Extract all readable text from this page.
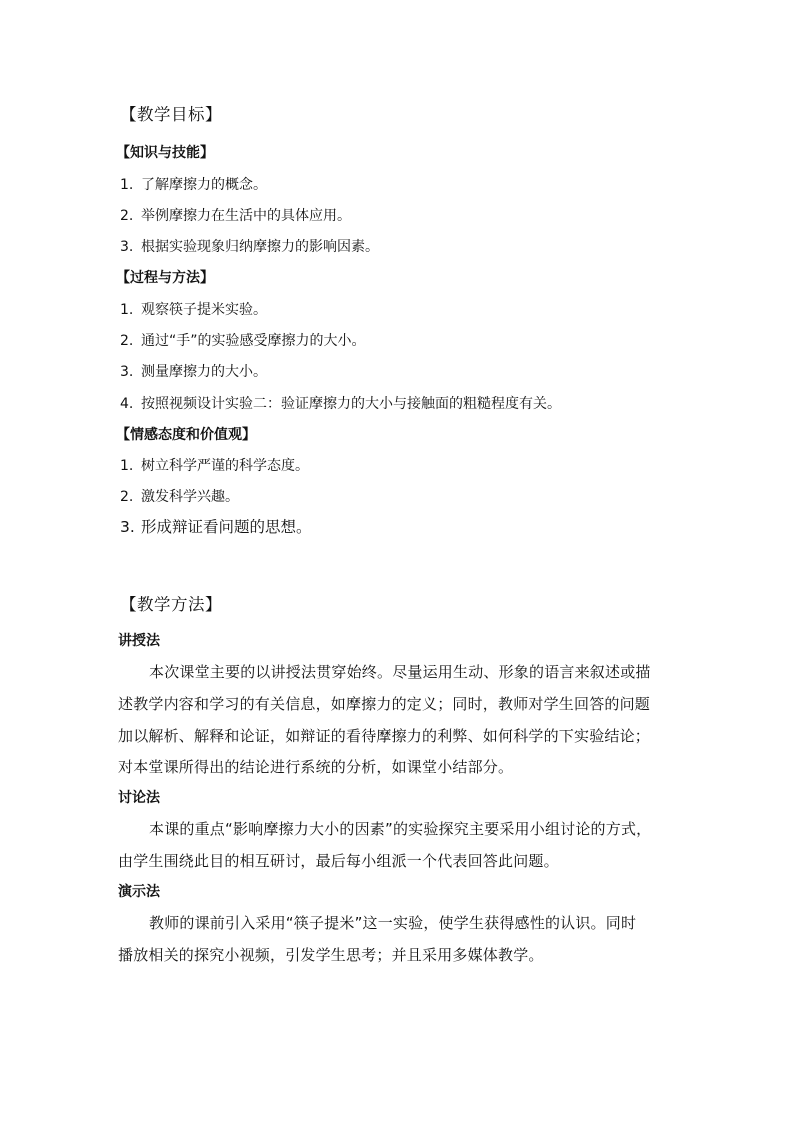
【教学目标】
【知识与技能】
1. 了解摩擦力的概念。
2. 举例摩擦力在生活中的具体应用。
3. 根据实验现象归纳摩擦力的影响因素。
【过程与方法】
1. 观察筷子提米实验。
2. 通过“手”的实验感受摩擦力的大小。
3. 测量摩擦力的大小。
4. 按照视频设计实验二：验证摩擦力的大小与接触面的粗糙程度有关。
【情感态度和价值观】
1. 树立科学严谨的科学态度。
2. 激发科学兴趣。
3. 形成辩证看问题的思想。
【教学方法】
讲授法
本次课堂主要的以讲授法贯穿始终。尽量运用生动、形象的语言来叙述或描
述教学内容和学习的有关信息，如摩擦力的定义；同时，教师对学生回答的问题
加以解析、解释和论证，如辩证的看待摩擦力的利弊、如何科学的下实验结论；
对本堂课所得出的结论进行系统的分析，如课堂小结部分。
讨论法
本课的重点“影响摩擦力大小的因素”的实验探究主要采用小组讨论的方式，
由学生围绕此目的相互研讨，最后每小组派一个代表回答此问题。
演示法
教师的课前引入采用“筷子提米”这一实验，使学生获得感性的认识。同时
播放相关的探究小视频，引发学生思考；并且采用多媒体教学。
